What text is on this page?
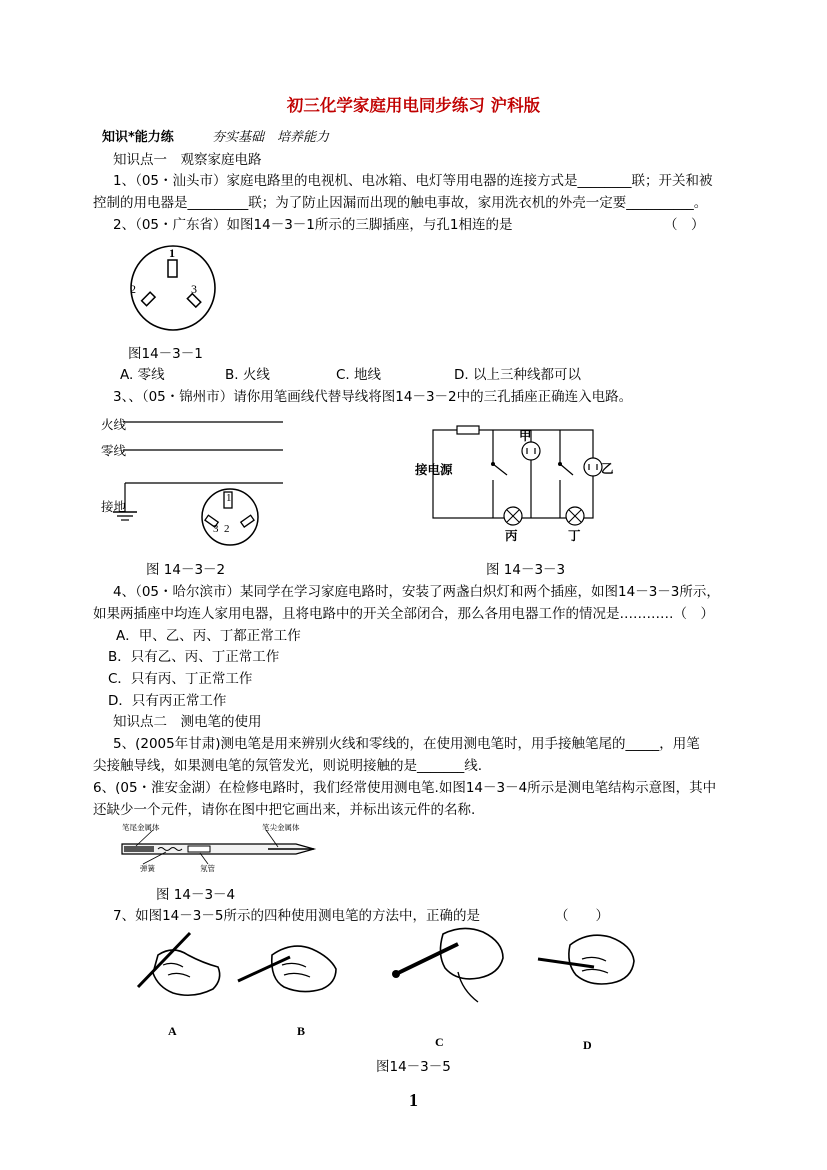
初三化学家庭用电同步练习 沪科版
知识*能力练	夯实基础　培养能力
知识点一　观察家庭电路
1、（05・汕头市）家庭电路里的电视机、电冰箱、电灯等用电器的连接方式是________联；开关和被
控制的用电器是_________联；为了防止因漏而出现的触电事故，家用洗衣机的外壳一定要__________。
2、（05・广东省）如图14－3－1所示的三脚插座，与孔1相连的是	（　）
1
2	3
图14－3－1
A. 零线	B. 火线	C. 地线	D. 以上三种线都可以
3、、（05・锦州市）请你用笔画线代替导线将图14－3－2中的三孔插座正确连入电路。
火线
零线
接地
1
3 2
图 14－3－2
甲
接电源	乙
丙	丁
图 14－3－3
4、（05・哈尔滨市）某同学在学习家庭电路时，安装了两盏白炽灯和两个插座，如图14－3－3所示，
如果两插座中均连人家用电器，且将电路中的开关全部闭合，那么各用电器工作的情况是…………（　）
A．甲、乙、丙、丁都正常工作
B．只有乙、丙、丁正常工作
C．只有丙、丁正常工作
D．只有丙正常工作
知识点二　测电笔的使用
5、(2005年甘肃)测电笔是用来辨别火线和零线的，在使用测电笔时，用手接触笔尾的_____，用笔
尖接触导线，如果测电笔的氖管发光，则说明接触的是_______线.
6、(05・淮安金湖）在检修电路时，我们经常使用测电笔.如图14－3－4所示是测电笔结构示意图，其中
还缺少一个元件，请你在图中把它画出来，并标出该元件的名称.
笔尾金属体	笔尖金属体
弹簧	氖管
图 14－3－4
7、如图14－3－5所示的四种使用测电笔的方法中，正确的是	（　　）
A	B
C	D
图14－3－5
1
